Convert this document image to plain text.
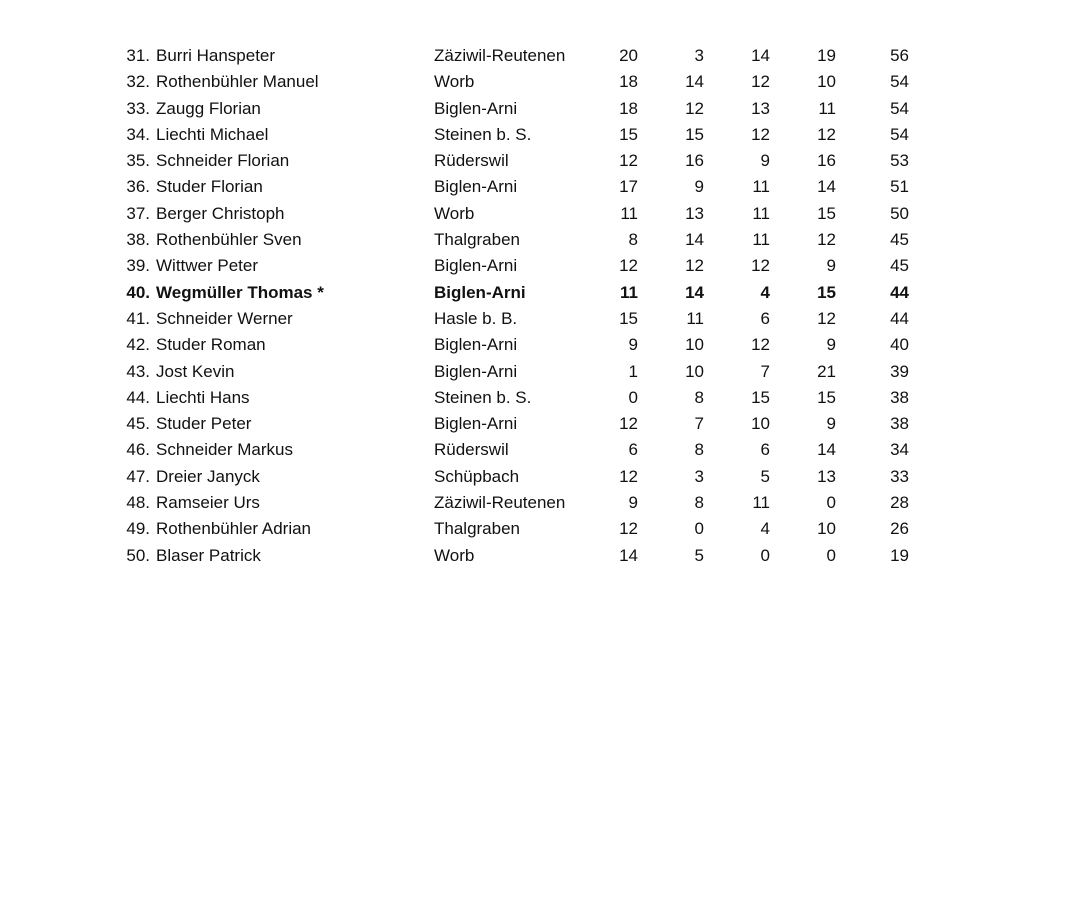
31. Burri Hanspeter	Zäziwil-Reutenen	20	3	14	19	56
32. Rothenbühler Manuel	Worb	18	14	12	10	54
33. Zaugg Florian	Biglen-Arni	18	12	13	11	54
34. Liechti Michael	Steinen b. S.	15	15	12	12	54
35. Schneider Florian	Rüderswil	12	16	9	16	53
36. Studer Florian	Biglen-Arni	17	9	11	14	51
37. Berger Christoph	Worb	11	13	11	15	50
38. Rothenbühler Sven	Thalgraben	8	14	11	12	45
39. Wittwer Peter	Biglen-Arni	12	12	12	9	45
40. Wegmüller Thomas *	Biglen-Arni	11	14	4	15	44
41. Schneider Werner	Hasle b. B.	15	11	6	12	44
42. Studer Roman	Biglen-Arni	9	10	12	9	40
43. Jost Kevin	Biglen-Arni	1	10	7	21	39
44. Liechti Hans	Steinen b. S.	0	8	15	15	38
45. Studer Peter	Biglen-Arni	12	7	10	9	38
46. Schneider Markus	Rüderswil	6	8	6	14	34
47. Dreier Janyck	Schüpbach	12	3	5	13	33
48. Ramseier Urs	Zäziwil-Reutenen	9	8	11	0	28
49. Rothenbühler Adrian	Thalgraben	12	0	4	10	26
50. Blaser Patrick	Worb	14	5	0	0	19
